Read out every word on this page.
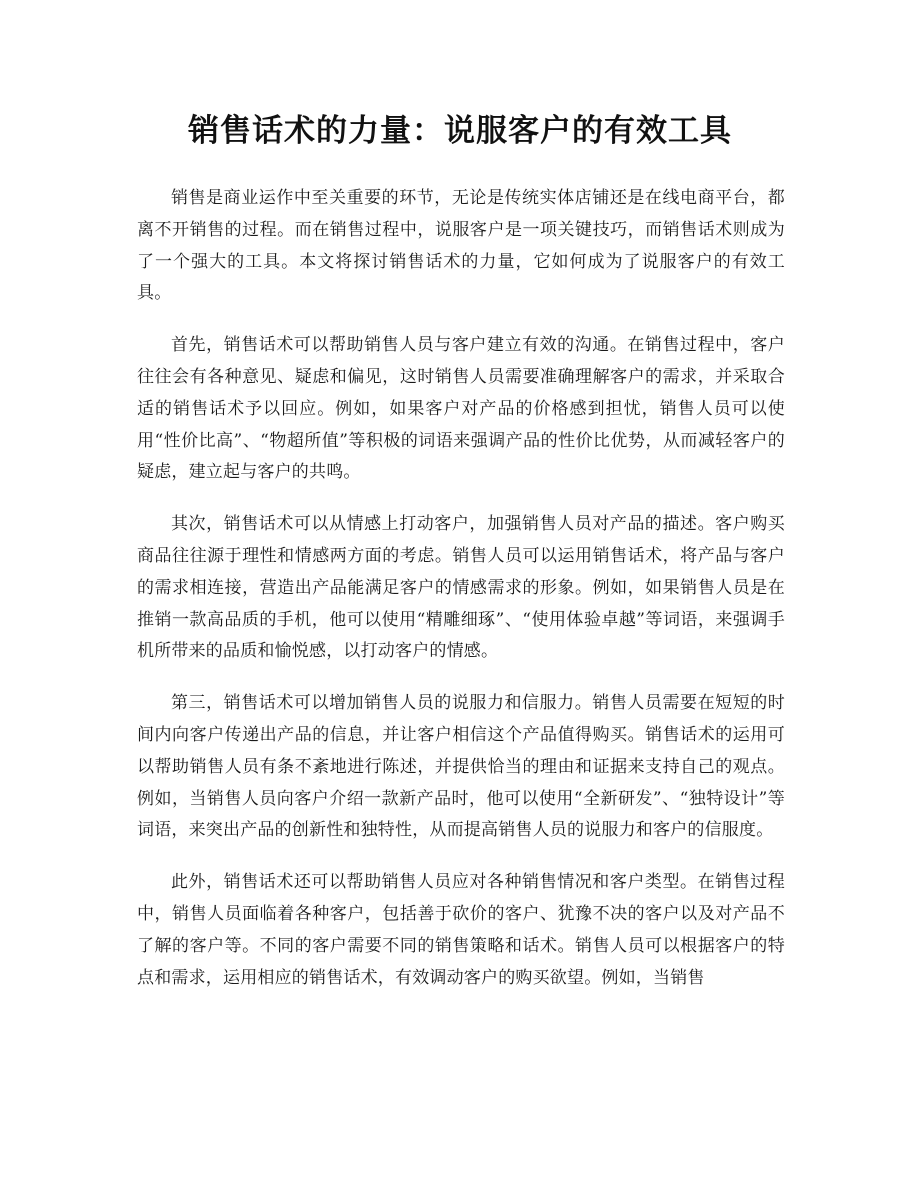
销售话术的力量：说服客户的有效工具

销售是商业运作中至关重要的环节，无论是传统实体店铺还是在线电商平台，都离不开销售的过程。而在销售过程中，说服客户是一项关键技巧，而销售话术则成为了一个强大的工具。本文将探讨销售话术的力量，它如何成为了说服客户的有效工具。

首先，销售话术可以帮助销售人员与客户建立有效的沟通。在销售过程中，客户往往会有各种意见、疑虑和偏见，这时销售人员需要准确理解客户的需求，并采取合适的销售话术予以回应。例如，如果客户对产品的价格感到担忧，销售人员可以使用“性价比高”、“物超所值”等积极的词语来强调产品的性价比优势，从而减轻客户的疑虑，建立起与客户的共鸣。

其次，销售话术可以从情感上打动客户，加强销售人员对产品的描述。客户购买商品往往源于理性和情感两方面的考虑。销售人员可以运用销售话术，将产品与客户的需求相连接，营造出产品能满足客户的情感需求的形象。例如，如果销售人员是在推销一款高品质的手机，他可以使用“精雕细琢”、“使用体验卓越”等词语，来强调手机所带来的品质和愉悦感，以打动客户的情感。

第三，销售话术可以增加销售人员的说服力和信服力。销售人员需要在短短的时间内向客户传递出产品的信息，并让客户相信这个产品值得购买。销售话术的运用可以帮助销售人员有条不紊地进行陈述，并提供恰当的理由和证据来支持自己的观点。例如，当销售人员向客户介绍一款新产品时，他可以使用“全新研发”、“独特设计”等词语，来突出产品的创新性和独特性，从而提高销售人员的说服力和客户的信服度。

此外，销售话术还可以帮助销售人员应对各种销售情况和客户类型。在销售过程中，销售人员面临着各种客户，包括善于砍价的客户、犹豫不决的客户以及对产品不了解的客户等。不同的客户需要不同的销售策略和话术。销售人员可以根据客户的特点和需求，运用相应的销售话术，有效调动客户的购买欲望。例如，当销售
